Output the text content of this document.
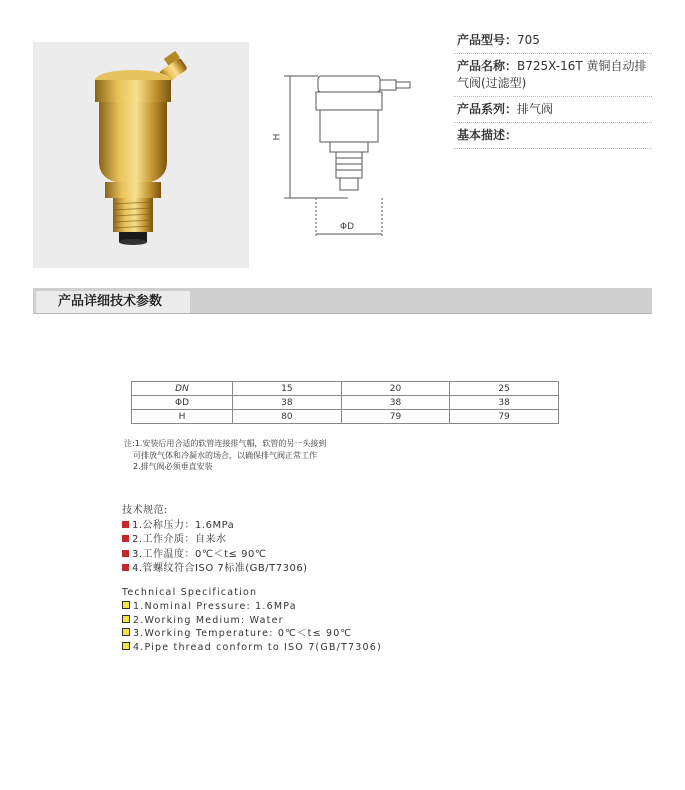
H
ΦD
产品型号：705
产品名称：B725X-16T 黄铜自动排气阀(过滤型)
产品系列：排气阀
基本描述：
产品详细技术参数
DN	15	20	25
ΦD	38	38	38
H	80	79	79
注:1.安装后用合适的软管连接排气帽，软管的另一头接到
可排放气体和冷凝水的场合，以确保排气阀正常工作
2.排气阀必须垂直安装
技术规范:
1.公称压力：1.6MPa
2.工作介质：自来水
3.工作温度：0℃＜t≤ 90℃
4.管螺纹符合ISO 7标准(GB/T7306)
Technical Specification
1.Nominal Pressure: 1.6MPa
2.Working Medium: Water
3.Working Temperature: 0℃＜t≤ 90℃
4.Pipe thread conform to ISO 7(GB/T7306)
